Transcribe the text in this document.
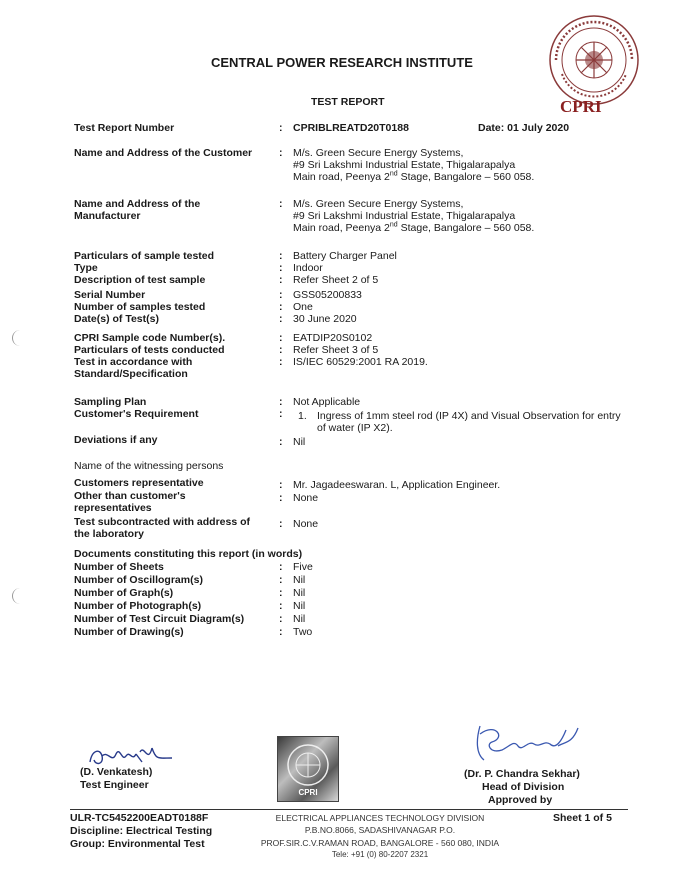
CPRI
CENTRAL POWER RESEARCH INSTITUTE
TEST REPORT
Test Report Number	: CPRIBLREATD20T0188	Date: 01 July 2020
Name and Address of the Customer	: M/s. Green Secure Energy Systems,
#9 Sri Lakshmi Industrial Estate, Thigalarapalya
Main road, Peenya 2nd Stage, Bangalore – 560 058.
Name and Address of the
Manufacturer
: M/s. Green Secure Energy Systems,
#9 Sri Lakshmi Industrial Estate, Thigalarapalya
Main road, Peenya 2nd Stage, Bangalore – 560 058.
Particulars of sample tested	: Battery Charger Panel
Type	: Indoor
Description of test sample	: Refer Sheet 2 of 5
Serial Number	: GSS05200833
Number of samples tested	: One
Date(s) of Test(s)	: 30 June 2020
CPRI Sample code Number(s).	: EATDIP20S0102
Particulars of tests conducted	: Refer Sheet 3 of 5
Test in accordance with
Standard/Specification
: IS/IEC 60529:2001 RA 2019.
Sampling Plan	: Not Applicable
Customer's Requirement	: 1. Ingress of 1mm steel rod (IP 4X) and Visual Observation for entry
of water (IP X2).
Deviations if any	: Nil
Name of the witnessing persons
Customers representative	: Mr. Jagadeeswaran. L, Application Engineer.
Other than customer's
representatives
: None
Test subcontracted with address of
the laboratory
: None
Documents constituting this report (in words)
Number of Sheets	: Five
Number of Oscillogram(s)	: Nil
Number of Graph(s)	: Nil
Number of Photograph(s)	: Nil
Number of Test Circuit Diagram(s)	: Nil
Number of Drawing(s)	: Two
(D. Venkatesh)
Test Engineer
CPRI
(Dr. P. Chandra Sekhar)
Head of Division
Approved by
ULR-TC5452200EADT0188F
Discipline: Electrical Testing
Group: Environmental Test
ELECTRICAL APPLIANCES TECHNOLOGY DIVISION
P.B.NO.8066, SADASHIVANAGAR P.O.
PROF.SIR.C.V.RAMAN ROAD, BANGALORE - 560 080, INDIA
Tele: +91 (0) 80-2207 2321
Sheet 1 of 5
